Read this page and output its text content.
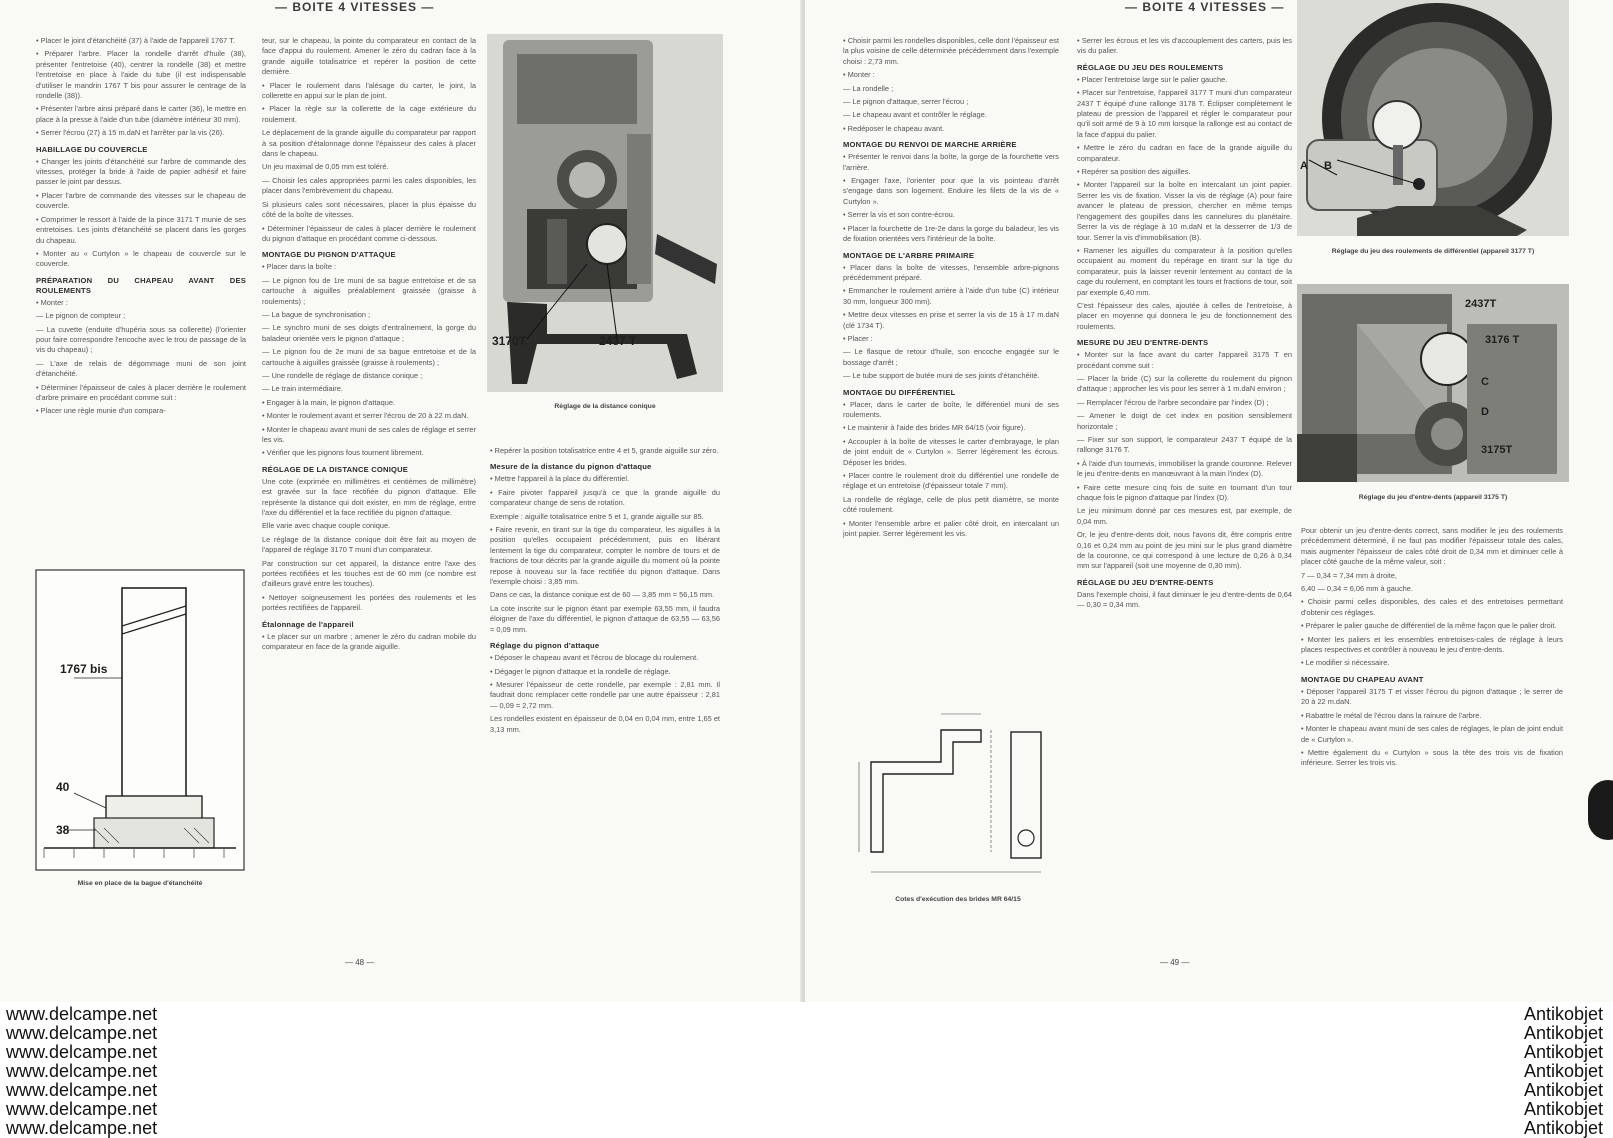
— BOITE 4 VITESSES —

• Placer le joint d'étanchéité (37) à l'aide de l'appareil 1767 T.

• Préparer l'arbre. Placer la rondelle d'arrêt d'huile (38), présenter l'entretoise (40), centrer la rondelle (38) et mettre l'entretoise en place à l'aide du tube (il est indispensable d'utiliser le mandrin 1767 T bis pour assurer le centrage de la rondelle (38)).

• Présenter l'arbre ainsi préparé dans le carter (36), le mettre en place à la presse à l'aide d'un tube (diamètre intérieur 30 mm).

• Serrer l'écrou (27) à 15 m.daN et l'arrêter par la vis (26).

HABILLAGE DU COUVERCLE

• Changer les joints d'étanchéité sur l'arbre de commande des vitesses, protéger la bride à l'aide de papier adhésif et faire passer le joint par dessus.

• Placer l'arbre de commande des vitesses sur le chapeau de couvercle.

• Comprimer le ressort à l'aide de la pince 3171 T munie de ses entretoises. Les joints d'étanchéité se placent dans les gorges du chapeau.

• Monter au « Curtylon » le chapeau de couvercle sur le couvercle.

PRÉPARATION DU CHAPEAU AVANT DES ROULEMENTS

• Monter :

— Le pignon de compteur ;

— La cuvette (enduite d'hupéria sous sa collerette) (l'orienter pour faire correspondre l'encoche avec le trou de passage de la vis du chapeau) ;

— L'axe de relais de dégommage muni de son joint d'étanchéité.

• Déterminer l'épaisseur de cales à placer derrière le roulement d'arbre primaire en procédant comme suit :

• Placer une règle munie d'un compara-

1767 bis
40
38
Mise en place de la bague d'étanchéité

teur, sur le chapeau, la pointe du comparateur en contact de la face d'appui du roulement. Amener le zéro du cadran face à la grande aiguille totalisatrice et repérer la position de cette dernière.

• Placer le roulement dans l'alésage du carter, le joint, la collerette en appui sur le plan de joint.

• Placer la règle sur la collerette de la cage extérieure du roulement.

Le déplacement de la grande aiguille du comparateur par rapport à sa position d'étalonnage donne l'épaisseur des cales à placer dans le chapeau.

Un jeu maximal de 0,05 mm est toléré.

— Choisir les cales appropriées parmi les cales disponibles, les placer dans l'embrèvement du chapeau.

Si plusieurs cales sont nécessaires, placer la plus épaisse du côté de la boîte de vitesses.

• Déterminer l'épaisseur de cales à placer derrière le roulement du pignon d'attaque en procédant comme ci-dessous.

MONTAGE DU PIGNON D'ATTAQUE

• Placer dans la boîte :

— Le pignon fou de 1re muni de sa bague entretoise et de sa cartouche à aiguilles préalablement graissée (graisse à roulements) ;

— La bague de synchronisation ;

— Le synchro muni de ses doigts d'entraînement, la gorge du baladeur orientée vers le pignon d'attaque ;

— Le pignon fou de 2e muni de sa bague entretoise et de la cartouche à aiguilles graissée (graisse à roulements) ;

— Une rondelle de réglage de distance conique ;

— Le train intermédiaire.

• Engager à la main, le pignon d'attaque.

• Monter le roulement avant et serrer l'écrou de 20 à 22 m.daN.

• Monter le chapeau avant muni de ses cales de réglage et serrer les vis.

• Vérifier que les pignons fous tournent librement.

RÉGLAGE DE LA DISTANCE CONIQUE

Une cote (exprimée en millimètres et centièmes de millimètre) est gravée sur la face rectifiée du pignon d'attaque. Elle représente la distance qui doit exister, en mm de réglage, entre l'axe du différentiel et la face rectifiée du pignon d'attaque.

Elle varie avec chaque couple conique.

Le réglage de la distance conique doit être fait au moyen de l'appareil de réglage 3170 T muni d'un comparateur.

Par construction sur cet appareil, la distance entre l'axe des portées rectifiées et les touches est de 60 mm (ce nombre est d'ailleurs gravé entre les touches).

• Nettoyer soigneusement les portées des roulements et les portées rectifiées de l'appareil.

Étalonnage de l'appareil

• Le placer sur un marbre ; amener le zéro du cadran mobile du comparateur en face de la grande aiguille.

3170T	2437 T
Réglage de la distance conique

• Repérer la position totalisatrice entre 4 et 5, grande aiguille sur zéro.

Mesure de la distance du pignon d'attaque

• Mettre l'appareil à la place du différentiel.

• Faire pivoter l'appareil jusqu'à ce que la grande aiguille du comparateur change de sens de rotation.

Exemple : aiguille totalisatrice entre 5 et 1, grande aiguille sur 85.

• Faire revenir, en tirant sur la tige du comparateur, les aiguilles à la position qu'elles occupaient précédemment, puis en libérant lentement la tige du comparateur, compter le nombre de tours et de fractions de tour décrits par la grande aiguille du moment où la pointe repose à nouveau sur la face rectifiée du pignon d'attaque. Dans l'exemple choisi : 3,85 mm.

Dans ce cas, la distance conique est de 60 — 3,85 mm = 56,15 mm.

La cote inscrite sur le pignon étant par exemple 63,55 mm, il faudra éloigner de l'axe du différentiel, le pignon d'attaque de 63,55 — 63,56 = 0,09 mm.

Réglage du pignon d'attaque

• Déposer le chapeau avant et l'écrou de blocage du roulement.

• Dégager le pignon d'attaque et la rondelle de réglage.

• Mesurer l'épaisseur de cette rondelle, par exemple : 2,81 mm. Il faudrait donc remplacer cette rondelle par une autre épaisseur : 2,81 — 0,09 = 2,72 mm.

Les rondelles existent en épaisseur de 0,04 en 0,04 mm, entre 1,65 et 3,13 mm.

— 48 —
— BOITE 4 VITESSES —

• Choisir parmi les rondelles disponibles, celle dont l'épaisseur est la plus voisine de celle déterminée précédemment dans l'exemple choisi : 2,73 mm.

• Monter :

— La rondelle ;

— Le pignon d'attaque, serrer l'écrou ;

— Le chapeau avant et contrôler le réglage.

• Redéposer le chapeau avant.

MONTAGE DU RENVOI DE MARCHE ARRIÈRE

• Présenter le renvoi dans la boîte, la gorge de la fourchette vers l'arrière.

• Engager l'axe, l'orienter pour que la vis pointeau d'arrêt s'engage dans son logement. Enduire les filets de la vis de « Curtylon ».

• Serrer la vis et son contre-écrou.

• Placer la fourchette de 1re-2e dans la gorge du baladeur, les vis de fixation orientées vers l'intérieur de la boîte.

MONTAGE DE L'ARBRE PRIMAIRE

• Placer dans la boîte de vitesses, l'ensemble arbre-pignons précédemment préparé.

• Emmancher le roulement arrière à l'aide d'un tube (C) intérieur 30 mm, longueur 300 mm).

• Mettre deux vitesses en prise et serrer la vis de 15 à 17 m.daN (clé 1734 T).

• Placer :

— Le flasque de retour d'huile, son encoche engagée sur le bossage d'arrêt ;

— Le tube support de butée muni de ses joints d'étanchéité.

MONTAGE DU DIFFÉRENTIEL

• Placer, dans le carter de boîte, le différentiel muni de ses roulements.

• Le maintenir à l'aide des brides MR 64/15 (voir figure).

• Accoupler à la boîte de vitesses le carter d'embrayage, le plan de joint enduit de « Curtylon ». Serrer légèrement les écrous. Déposer les brides.

• Placer contre le roulement droit du différentiel une rondelle de réglage et un entretoise (d'épaisseur totale 7 mm).

La rondelle de réglage, celle de plus petit diamètre, se monte côté roulement.

• Monter l'ensemble arbre et palier côté droit, en intercalant un joint papier. Serrer légèrement les vis.

Cotes d'exécution des brides MR 64/15

• Serrer les écrous et les vis d'accouplement des carters, puis les vis du palier.

RÉGLAGE DU JEU DES ROULEMENTS

• Placer l'entretoise large sur le palier gauche.

• Placer sur l'entretoise, l'appareil 3177 T muni d'un comparateur 2437 T équipé d'une rallonge 3178 T. Éclipser complètement le plateau de pression de l'appareil et régler le comparateur pour qu'il soit armé de 9 à 10 mm lorsque la rallonge est au contact de la face d'appui du palier.

• Mettre le zéro du cadran en face de la grande aiguille du comparateur.

• Repérer sa position des aiguilles.

• Monter l'appareil sur la boîte en intercalant un joint papier. Serrer les vis de fixation. Visser la vis de réglage (A) pour faire avancer le plateau de pression, chercher en même temps l'engagement des goupilles dans les cannelures du planétaire. Serrer la vis de réglage à 10 m.daN et la desserrer de 1/3 de tour. Serrer la vis d'immobilisation (B).

• Ramener les aiguilles du comparateur à la position qu'elles occupaient au moment du repérage en tirant sur la tige du comparateur, puis la laisser revenir lentement au contact de la cage du roulement, en comptant les tours et fractions de tour, soit par exemple 6,40 mm.

C'est l'épaisseur des cales, ajoutée à celles de l'entretoise, à placer en moyenne qui donnera le jeu de fonctionnement des roulements.

MESURE DU JEU D'ENTRE-DENTS

• Monter sur la face avant du carter l'appareil 3175 T en procédant comme suit :

— Placer la bride (C) sur la collerette du roulement du pignon d'attaque ; approcher les vis pour les serrer à 1 m.daN environ ;

— Remplacer l'écrou de l'arbre secondaire par l'index (D) ;

— Amener le doigt de cet index en position sensiblement horizontale ;

— Fixer sur son support, le comparateur 2437 T équipé de la rallonge 3176 T.

• À l'aide d'un tournevis, immobiliser la grande couronne. Relever le jeu d'entre-dents en manœuvrant à la main l'index (D).

• Faire cette mesure cinq fois de suite en tournant d'un tour chaque fois le pignon d'attaque par l'index (D).

Le jeu minimum donné par ces mesures est, par exemple, de 0,04 mm.

Or, le jeu d'entre-dents doit, nous l'avons dit, être compris entre 0,16 et 0,24 mm au point de jeu mini sur le plus grand diamètre de la couronne, ce qui correspond à une lecture de 0,26 à 0,34 mm sur l'appareil (soit une moyenne de 0,30 mm).

RÉGLAGE DU JEU D'ENTRE-DENTS

Dans l'exemple choisi, il faut diminuer le jeu d'entre-dents de 0,64 — 0,30 = 0,34 mm.

A B
Réglage du jeu des roulements de différentiel (appareil 3177 T)
2437T
3176 T
C
D
3175T
Réglage du jeu d'entre-dents (appareil 3175 T)

Pour obtenir un jeu d'entre-dents correct, sans modifier le jeu des roulements précédemment déterminé, il ne faut pas modifier l'épaisseur totale des cales, mais augmenter l'épaisseur de cales côté droit de 0,34 mm et diminuer celle à placer côté gauche de la même valeur, soit :

7 — 0,34 = 7,34 mm à droite,

6,40 — 0,34 = 6,06 mm à gauche.

• Choisir parmi celles disponibles, des cales et des entretoises permettant d'obtenir ces réglages.

• Préparer le palier gauche de différentiel de la même façon que le palier droit.

• Monter les paliers et les ensembles entretoises-cales de réglage à leurs places respectives et contrôler à nouveau le jeu d'entre-dents.

• Le modifier si nécessaire.

MONTAGE DU CHAPEAU AVANT

• Déposer l'appareil 3175 T et visser l'écrou du pignon d'attaque ; le serrer de 20 à 22 m.daN.

• Rabattre le métal de l'écrou dans la rainure de l'arbre.

• Monter le chapeau avant muni de ses cales de réglages, le plan de joint enduit de « Curtylon ».

• Mettre également du « Curtylon » sous la tête des trois vis de fixation inférieure. Serrer les trois vis.

— 49 —
www.delcampe.net
www.delcampe.net
www.delcampe.net
www.delcampe.net
www.delcampe.net
www.delcampe.net
www.delcampe.net
Antikobjet
Antikobjet
Antikobjet
Antikobjet
Antikobjet
Antikobjet
Antikobjet
